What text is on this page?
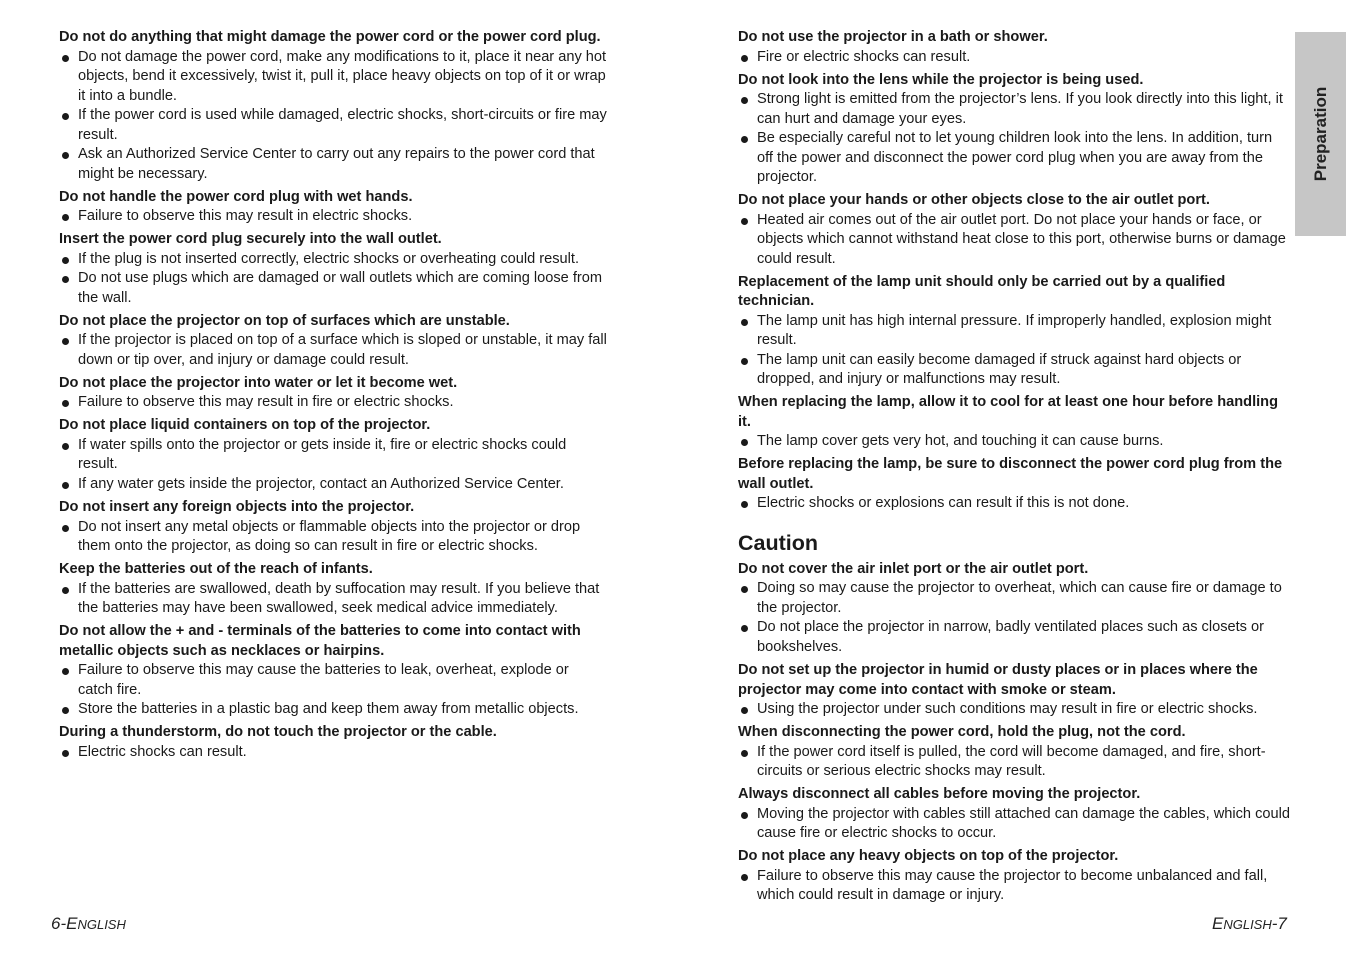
Do not do anything that might damage the power cord or the power cord plug.
Do not damage the power cord, make any modifications to it, place it near any hot objects, bend it excessively, twist it, pull it, place heavy objects on top of it or wrap it into a bundle.
If the power cord is used while damaged, electric shocks, short-circuits or fire may result.
Ask an Authorized Service Center to carry out any repairs to the power cord that might be necessary.
Do not handle the power cord plug with wet hands.
Failure to observe this may result in electric shocks.
Insert the power cord plug securely into the wall outlet.
If the plug is not inserted correctly, electric shocks or overheating could result.
Do not use plugs which are damaged or wall outlets which are coming loose from the wall.
Do not place the projector on top of surfaces which are unstable.
If the projector is placed on top of a surface which is sloped or unstable, it may fall down or tip over, and injury or damage could result.
Do not place the projector into water or let it become wet.
Failure to observe this may result in fire or electric shocks.
Do not place liquid containers on top of the projector.
If water spills onto the projector or gets inside it, fire or electric shocks could result.
If any water gets inside the projector, contact an Authorized Service Center.
Do not insert any foreign objects into the projector.
Do not insert any metal objects or flammable objects into the projector or drop them onto the projector, as doing so can result in fire or electric shocks.
Keep the batteries out of the reach of infants.
If the batteries are swallowed, death by suffocation may result. If you believe that the batteries may have been swallowed, seek medical advice immediately.
Do not allow the + and - terminals of the batteries to come into contact with metallic objects such as necklaces or hairpins.
Failure to observe this may cause the batteries to leak, overheat, explode or catch fire.
Store the batteries in a plastic bag and keep them away from metallic objects.
During a thunderstorm, do not touch the projector or the cable.
Electric shocks can result.
Do not use the projector in a bath or shower.
Fire or electric shocks can result.
Do not look into the lens while the projector is being used.
Strong light is emitted from the projector’s lens. If you look directly into this light, it can hurt and damage your eyes.
Be especially careful not to let young children look into the lens. In addition, turn off the power and disconnect the power cord plug when you are away from the projector.
Do not place your hands or other objects close to the air outlet port.
Heated air comes out of the air outlet port. Do not place your hands or face, or objects which cannot withstand heat close to this port, otherwise burns or damage could result.
Replacement of the lamp unit should only be carried out by a qualified technician.
The lamp unit has high internal pressure. If improperly handled, explosion might result.
The lamp unit can easily become damaged if struck against hard objects or dropped, and injury or malfunctions may result.
When replacing the lamp, allow it to cool for at least one hour before handling it.
The lamp cover gets very hot, and touching it can cause burns.
Before replacing the lamp, be sure to disconnect the power cord plug from the wall outlet.
Electric shocks or explosions can result if this is not done.
Caution
Do not cover the air inlet port or the air outlet port.
Doing so may cause the projector to overheat, which can cause fire or damage to the projector.
Do not place the projector in narrow, badly ventilated places such as closets or bookshelves.
Do not set up the projector in humid or dusty places or in places where the projector may come into contact with smoke or steam.
Using the projector under such conditions may result in fire or electric shocks.
When disconnecting the power cord, hold the plug, not the cord.
If the power cord itself is pulled, the cord will become damaged, and fire, short-circuits or serious electric shocks may result.
Always disconnect all cables before moving the projector.
Moving the projector with cables still attached can damage the cables, which could cause fire or electric shocks to occur.
Do not place any heavy objects on top of the projector.
Failure to observe this may cause the projector to become unbalanced and fall, which could result in damage or injury.
Preparation
6-ENGLISH	ENGLISH-7
